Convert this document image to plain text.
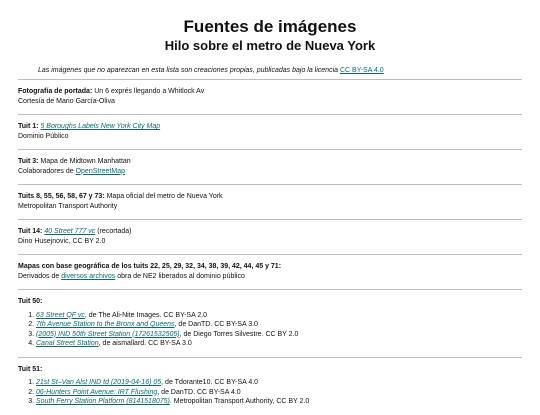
Fuentes de imágenes
Hilo sobre el metro de Nueva York
Las imágenes que no aparezcan en esta lista son creaciones propias, publicadas bajo la licencia CC BY-SA 4.0
Fotografía de portada: Un 6 exprés llegando a Whitlock Av
Cortesía de Mario García-Oliva
Tuit 1: 5 Boroughs Labels New York City Map
Dominio Público
Tuit 3: Mapa de Midtown Manhattan
Colaboradores de OpenStreetMap
Tuits 8, 55, 56, 58, 67 y 73: Mapa oficial del metro de Nueva York
Metropolitan Transport Authority
Tuit 14: 40 Street 777 vc (recortada)
Dino Husejnovic, CC BY 2.0
Mapas con base geográfica de los tuits 22, 25, 29, 32, 34, 38, 39, 42, 44, 45 y 71:
Derivados de diversos archivos obra de NE2 liberados al dominio público
Tuit 50:
1. 63 Street QF vc, de The Ali-Nite Images. CC BY-SA 2.0
2. 7th Avenue Station to the Bronx and Queens, de DanTD. CC BY-SA 3.0
3. (2005) IND 50th Street Station (17261532505), de Diego Torres Silvestre. CC BY 2.0
4. Canal Street Station, de aismallard. CC BY-SA 3.0
Tuit 51:
1. 21st St–Van Alst IND td (2019-04-16) 05, de Tdorante10. CC BY-SA 4.0
2. 06-Hunters Point Avenue: IRT Flushing, de DanTD. CC BY-SA 4.0
3. South Ferry Station Platform (8141518075). Metropolitan Transport Authority, CC BY 2.0
